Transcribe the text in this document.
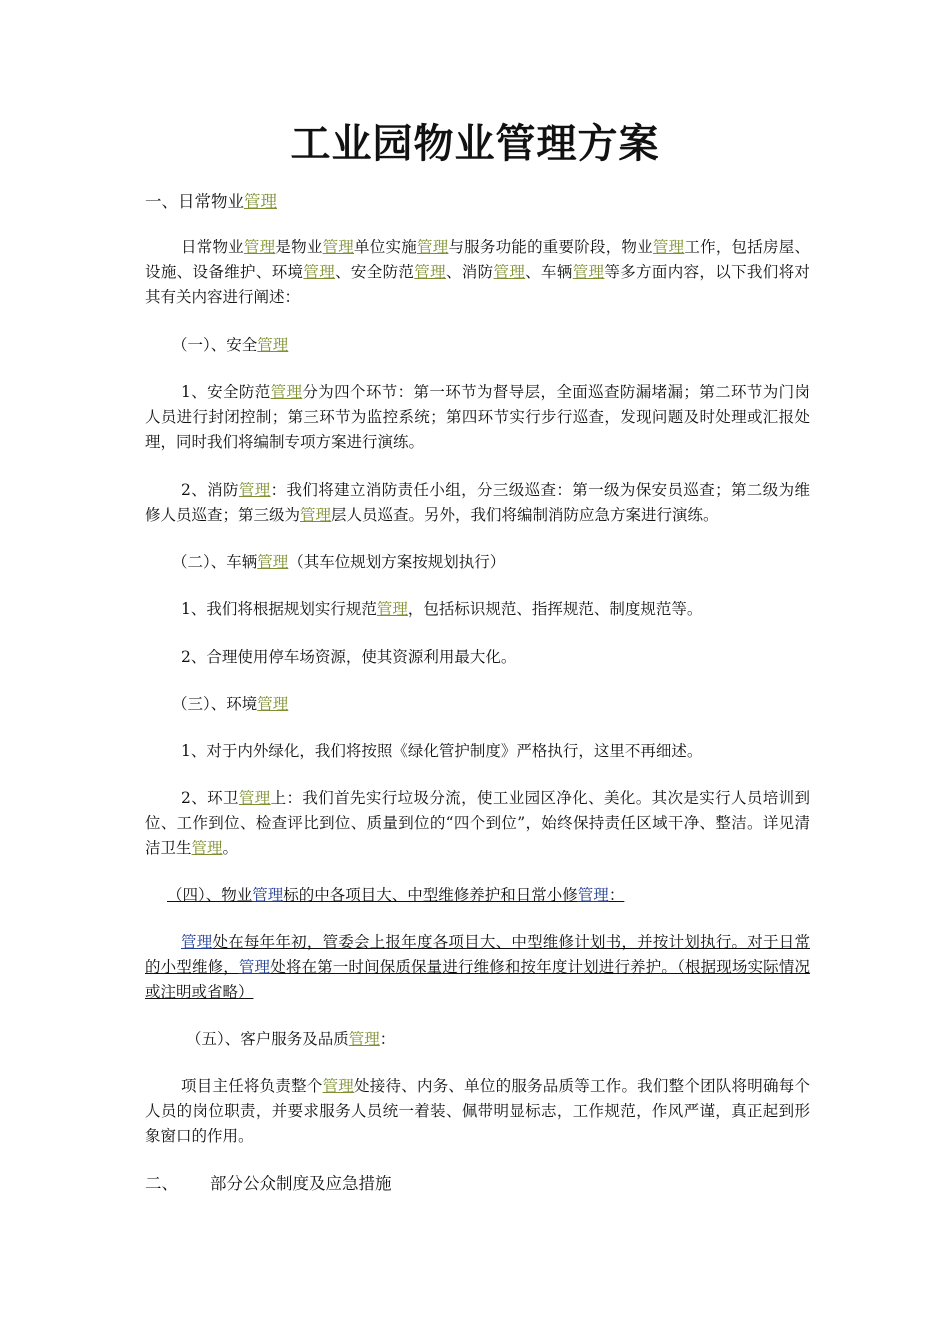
工业园物业管理方案
一、日常物业管理
日常物业管理是物业管理单位实施管理与服务功能的重要阶段，物业管理工作，包括房屋、设施、设备维护、环境管理、安全防范管理、消防管理、车辆管理等多方面内容，以下我们将对其有关内容进行阐述：
（一）、安全管理
1、安全防范管理分为四个环节：第一环节为督导层，全面巡查防漏堵漏；第二环节为门岗人员进行封闭控制；第三环节为监控系统；第四环节实行步行巡查，发现问题及时处理或汇报处理，同时我们将编制专项方案进行演练。
2、消防管理：我们将建立消防责任小组，分三级巡查：第一级为保安员巡查；第二级为维修人员巡查；第三级为管理层人员巡查。另外，我们将编制消防应急方案进行演练。
（二）、车辆管理（其车位规划方案按规划执行）
1、我们将根据规划实行规范管理，包括标识规范、指挥规范、制度规范等。
2、合理使用停车场资源，使其资源利用最大化。
（三）、环境管理
1、对于内外绿化，我们将按照《绿化管护制度》严格执行，这里不再细述。
2、环卫管理上：我们首先实行垃圾分流，使工业园区净化、美化。其次是实行人员培训到位、工作到位、检查评比到位、质量到位的“四个到位”，始终保持责任区域干净、整洁。详见清洁卫生管理。
（四）、物业管理标的中各项目大、中型维修养护和日常小修管理：
管理处在每年年初，管委会上报年度各项目大、中型维修计划书，并按计划执行。对于日常的小型维修，管理处将在第一时间保质保量进行维修和按年度计划进行养护。（根据现场实际情况或注明或省略）
（五）、客户服务及品质管理：
项目主任将负责整个管理处接待、内务、单位的服务品质等工作。我们整个团队将明确每个人员的岗位职责，并要求服务人员统一着装、佩带明显标志，工作规范，作风严谨，真正起到形象窗口的作用。
二、 部分公众制度及应急措施
